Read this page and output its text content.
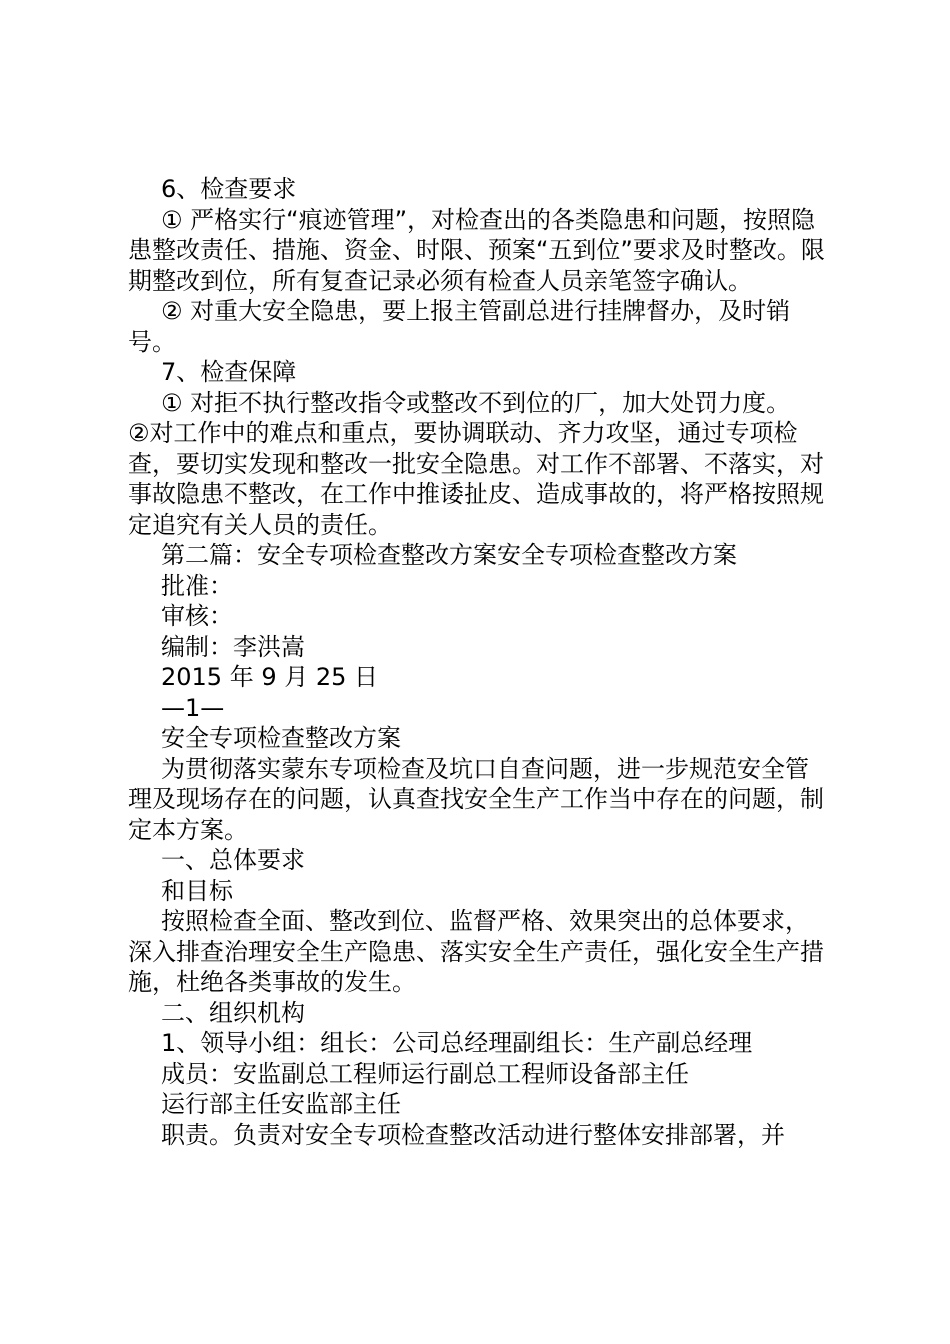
6、检查要求

① 严格实行“痕迹管理”，对检查出的各类隐患和问题，按照隐患整改责任、措施、资金、时限、预案“五到位”要求及时整改。限期整改到位，所有复查记录必须有检查人员亲笔签字确认。

② 对重大安全隐患，要上报主管副总进行挂牌督办，及时销号。

7、检查保障

① 对拒不执行整改指令或整改不到位的厂，加大处罚力度。

②对工作中的难点和重点，要协调联动、齐力攻坚，通过专项检查，要切实发现和整改一批安全隐患。对工作不部署、不落实，对事故隐患不整改，在工作中推诿扯皮、造成事故的，将严格按照规定追究有关人员的责任。

第二篇：安全专项检查整改方案安全专项检查整改方案

批准：

审核：

编制：李洪嵩

2015 年 9 月 25 日

—1—

安全专项检查整改方案

为贯彻落实蒙东专项检查及坑口自查问题，进一步规范安全管理及现场存在的问题，认真查找安全生产工作当中存在的问题，制定本方案。

一、总体要求

和目标

按照检查全面、整改到位、监督严格、效果突出的总体要求，深入排查治理安全生产隐患、落实安全生产责任，强化安全生产措施，杜绝各类事故的发生。

二、组织机构

1、领导小组：组长：公司总经理副组长：生产副总经理

成员：安监副总工程师运行副总工程师设备部主任

运行部主任安监部主任

职责。负责对安全专项检查整改活动进行整体安排部署，并
